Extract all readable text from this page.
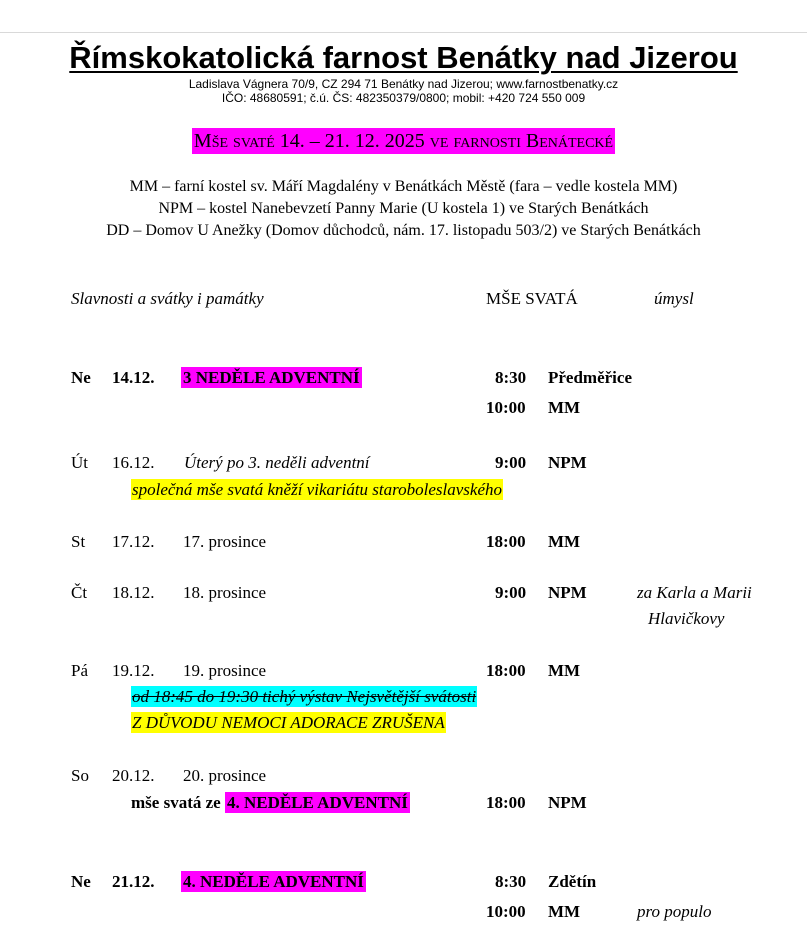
Římskokatolická farnost Benátky nad Jizerou
Ladislava Vágnera 70/9, CZ 294 71 Benátky nad Jizerou; www.farnostbenatky.cz
IČO: 48680591; č.ú. ČS: 482350379/0800; mobil: +420 724 550 009
Mše svaté 14. – 21. 12. 2025 ve farnosti Benátecké
MM – farní kostel sv. Máří Magdalény v Benátkách Městě (fara – vedle kostela MM)
NPM – kostel Nanebevzetí Panny Marie (U kostela 1) ve Starých Benátkách
DD – Domov U Anežky (Domov důchodců, nám. 17. listopadu 503/2) ve Starých Benátkách
Slavnosti a svátky i památky	MŠE SVATÁ	úmysl
Ne 14.12. 3 NEDĚLE ADVENTNÍ	8:30 Předměřice
10:00 MM
Út 16.12. Úterý po 3. neděli adventní	9:00 NPM
společná mše svatá kněží vikariátu staroboleslavského
St 17.12. 17. prosince	18:00 MM
Čt 18.12. 18. prosince	9:00 NPM	za Karla a Marii
Hlavičkovy
Pá 19.12. 19. prosince	18:00 MM
od 18:45 do 19:30 tichý výstav Nejsvětější svátosti
Z DŮVODU NEMOCI ADORACE ZRUŠENA
So 20.12. 20. prosince
mše svatá ze 4. NEDĚLE ADVENTNÍ	18:00 NPM
Ne 21.12. 4. NEDĚLE ADVENTNÍ	8:30 Zdětín
10:00 MM	pro populo
